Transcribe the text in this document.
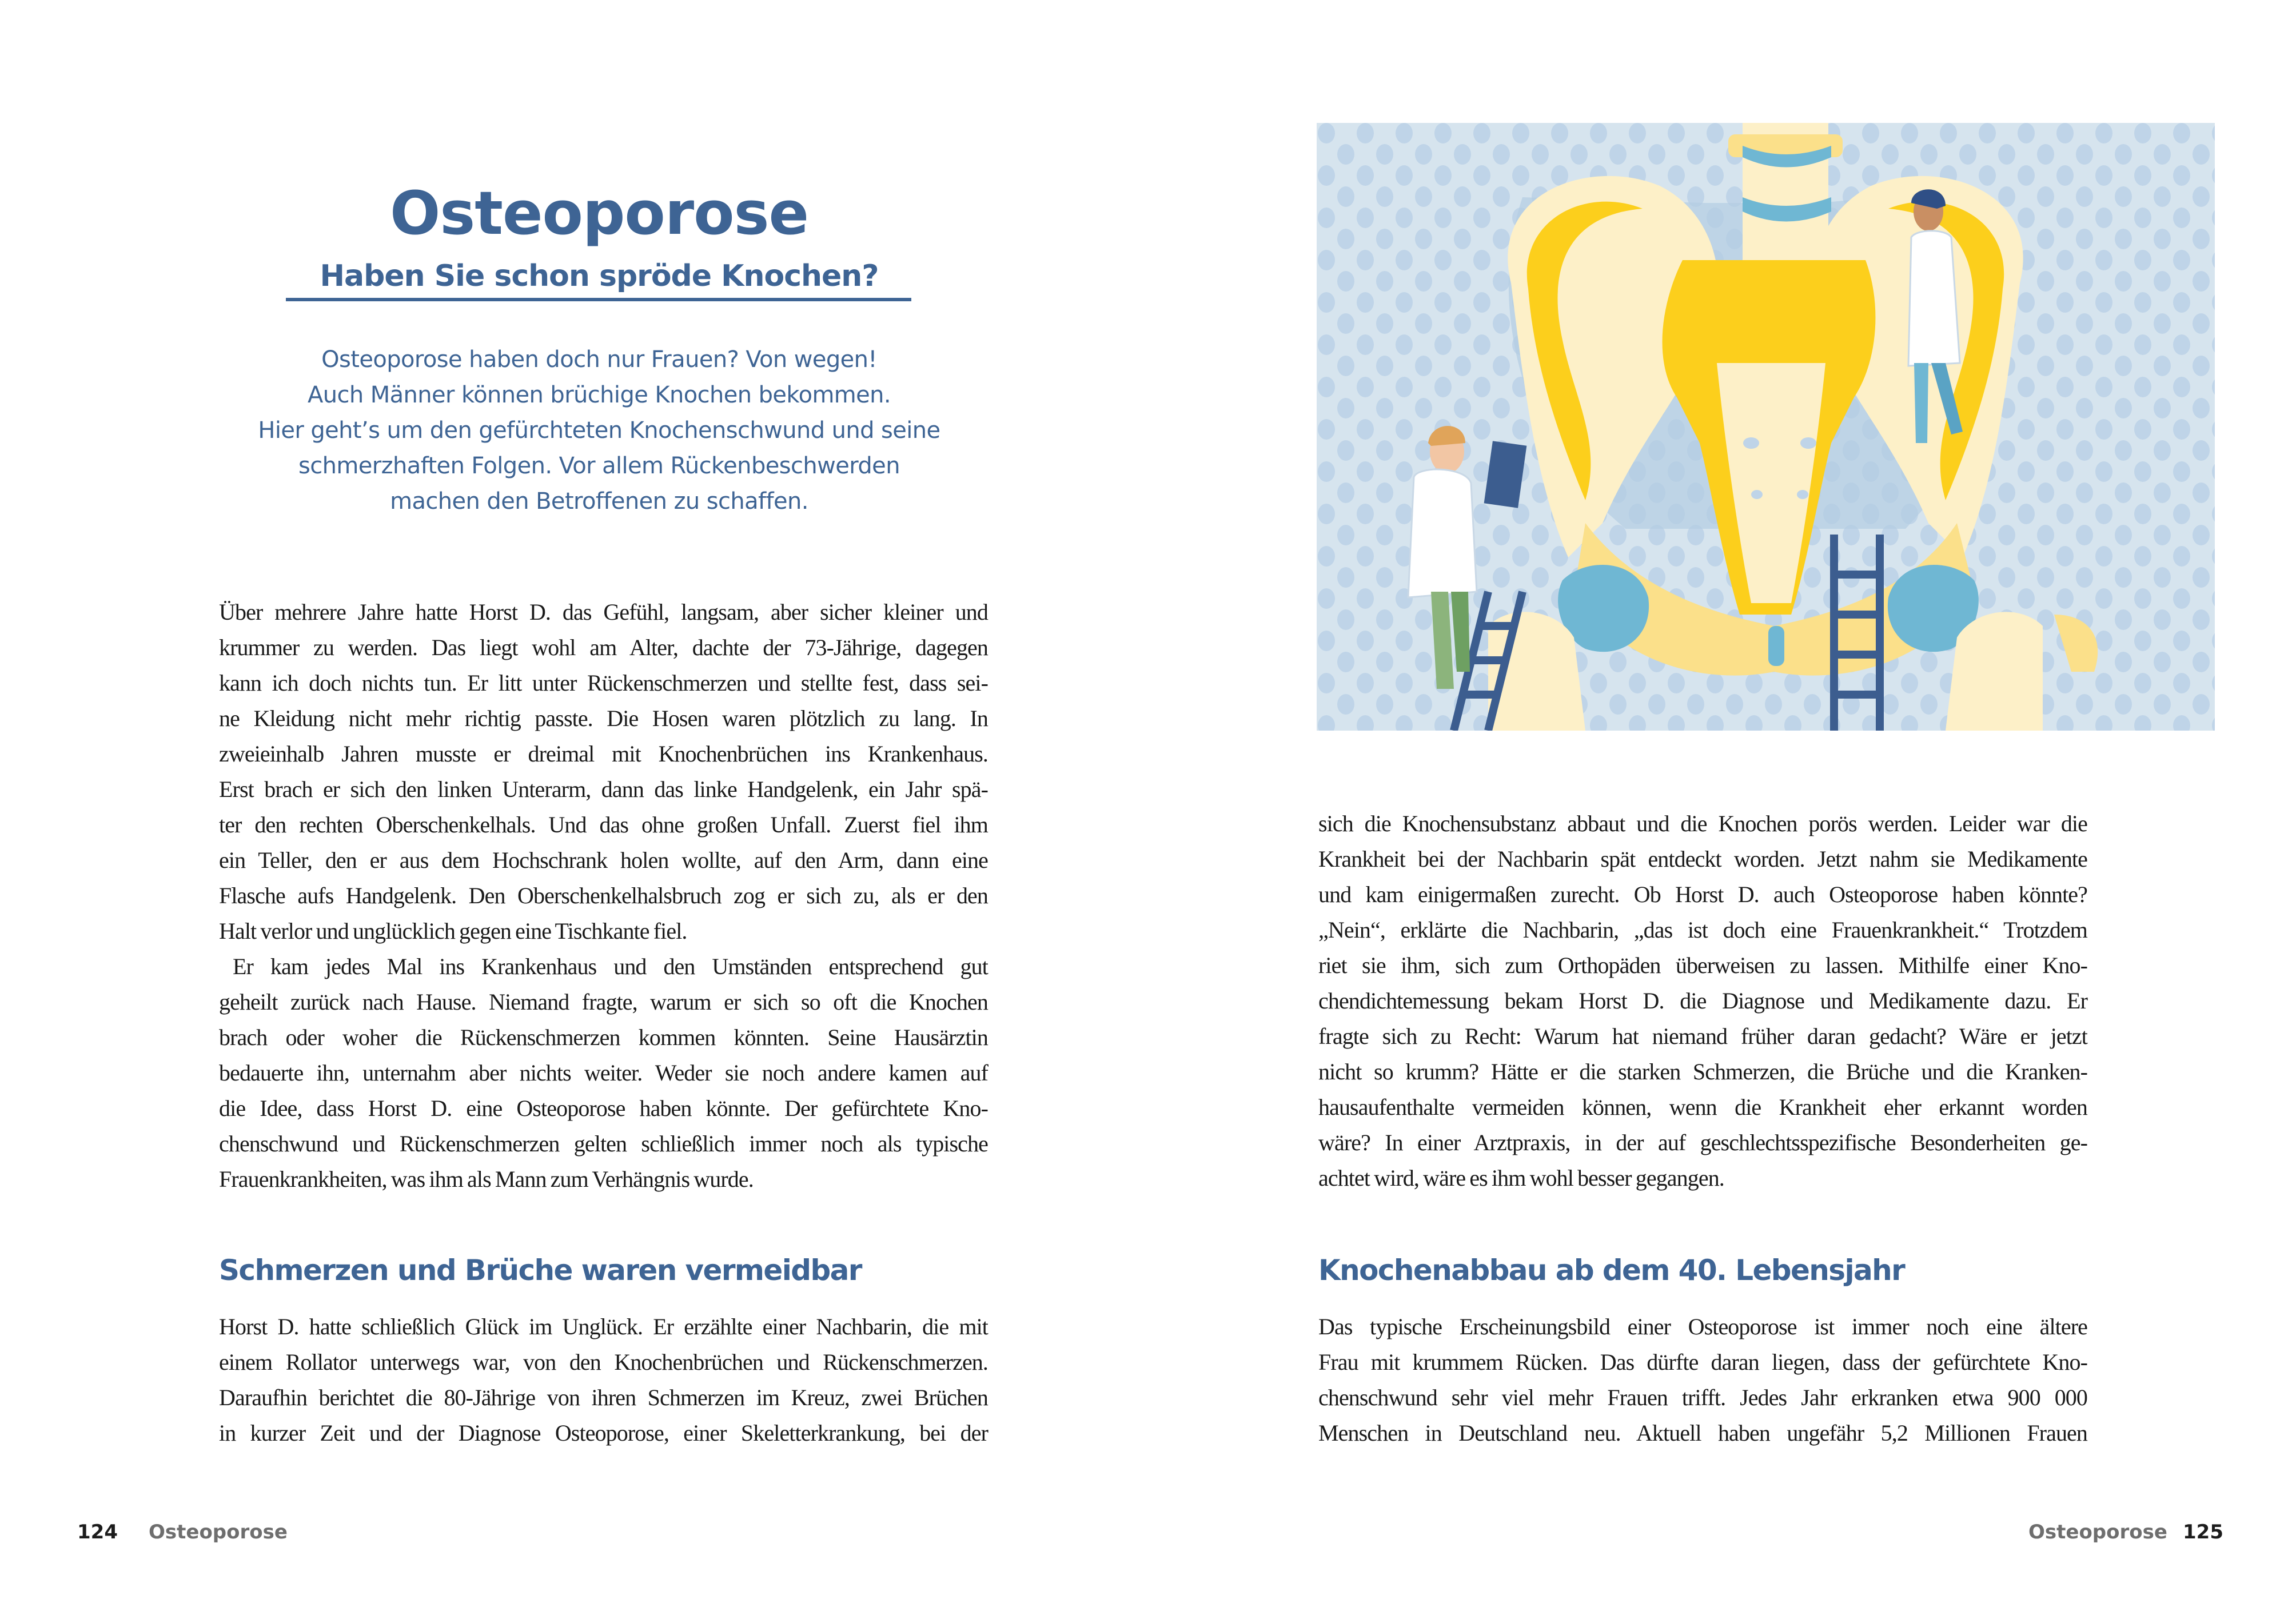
Osteoporose
Haben Sie schon spröde Knochen?
Osteoporose haben doch nur Frauen? Von wegen!
Auch Männer können brüchige Knochen bekommen.
Hier geht’s um den gefürchteten Knochenschwund und seine
schmerzhaften Folgen. Vor allem Rückenbeschwerden
machen den Betroffenen zu schaffen.
Über mehrere Jahre hatte Horst D. das Gefühl, langsam, aber sicher kleiner und
krummer zu werden. Das liegt wohl am Alter, dachte der 73-Jährige, dagegen
kann ich doch nichts tun. Er litt unter Rückenschmerzen und stellte fest, dass sei-
ne Kleidung nicht mehr richtig passte. Die Hosen waren plötzlich zu lang. In
zweieinhalb Jahren musste er dreimal mit Knochenbrüchen ins Krankenhaus.
Erst brach er sich den linken Unterarm, dann das linke Handgelenk, ein Jahr spä-
ter den rechten Oberschenkelhals. Und das ohne großen Unfall. Zuerst fiel ihm
ein Teller, den er aus dem Hochschrank holen wollte, auf den Arm, dann eine
Flasche aufs Handgelenk. Den Oberschenkelhalsbruch zog er sich zu, als er den
Halt verlor und unglücklich gegen eine Tischkante fiel.
Er kam jedes Mal ins Krankenhaus und den Umständen entsprechend gut
geheilt zurück nach Hause. Niemand fragte, warum er sich so oft die Knochen
brach oder woher die Rückenschmerzen kommen könnten. Seine Hausärztin
bedauerte ihn, unternahm aber nichts weiter. Weder sie noch andere kamen auf
die Idee, dass Horst D. eine Osteoporose haben könnte. Der gefürchtete Kno-
chenschwund und Rückenschmerzen gelten schließlich immer noch als typische
Frauenkrankheiten, was ihm als Mann zum Verhängnis wurde.
Schmerzen und Brüche waren vermeidbar
Horst D. hatte schließlich Glück im Unglück. Er erzählte einer Nachbarin, die mit
einem Rollator unterwegs war, von den Knochenbrüchen und Rückenschmerzen.
Daraufhin berichtet die 80-Jährige von ihren Schmerzen im Kreuz, zwei Brüchen
in kurzer Zeit und der Diagnose Osteoporose, einer Skeletterkrankung, bei der
124 Osteoporose
sich die Knochensubstanz abbaut und die Knochen porös werden. Leider war die
Krankheit bei der Nachbarin spät entdeckt worden. Jetzt nahm sie Medikamente
und kam einigermaßen zurecht. Ob Horst D. auch Osteoporose haben könnte?
„Nein“, erklärte die Nachbarin, „das ist doch eine Frauenkrankheit.“ Trotzdem
riet sie ihm, sich zum Orthopäden überweisen zu lassen. Mithilfe einer Kno-
chendichtemessung bekam Horst D. die Diagnose und Medikamente dazu. Er
fragte sich zu Recht: Warum hat niemand früher daran gedacht? Wäre er jetzt
nicht so krumm? Hätte er die starken Schmerzen, die Brüche und die Kranken-
hausaufenthalte vermeiden können, wenn die Krankheit eher erkannt worden
wäre? In einer Arztpraxis, in der auf geschlechtsspezifische Besonderheiten ge-
achtet wird, wäre es ihm wohl besser gegangen.
Knochenabbau ab dem 40. Lebensjahr
Das typische Erscheinungsbild einer Osteoporose ist immer noch eine ältere
Frau mit krummem Rücken. Das dürfte daran liegen, dass der gefürchtete Kno-
chenschwund sehr viel mehr Frauen trifft. Jedes Jahr erkranken etwa 900 000
Menschen in Deutschland neu. Aktuell haben ungefähr 5,2 Millionen Frauen
Osteoporose 125
